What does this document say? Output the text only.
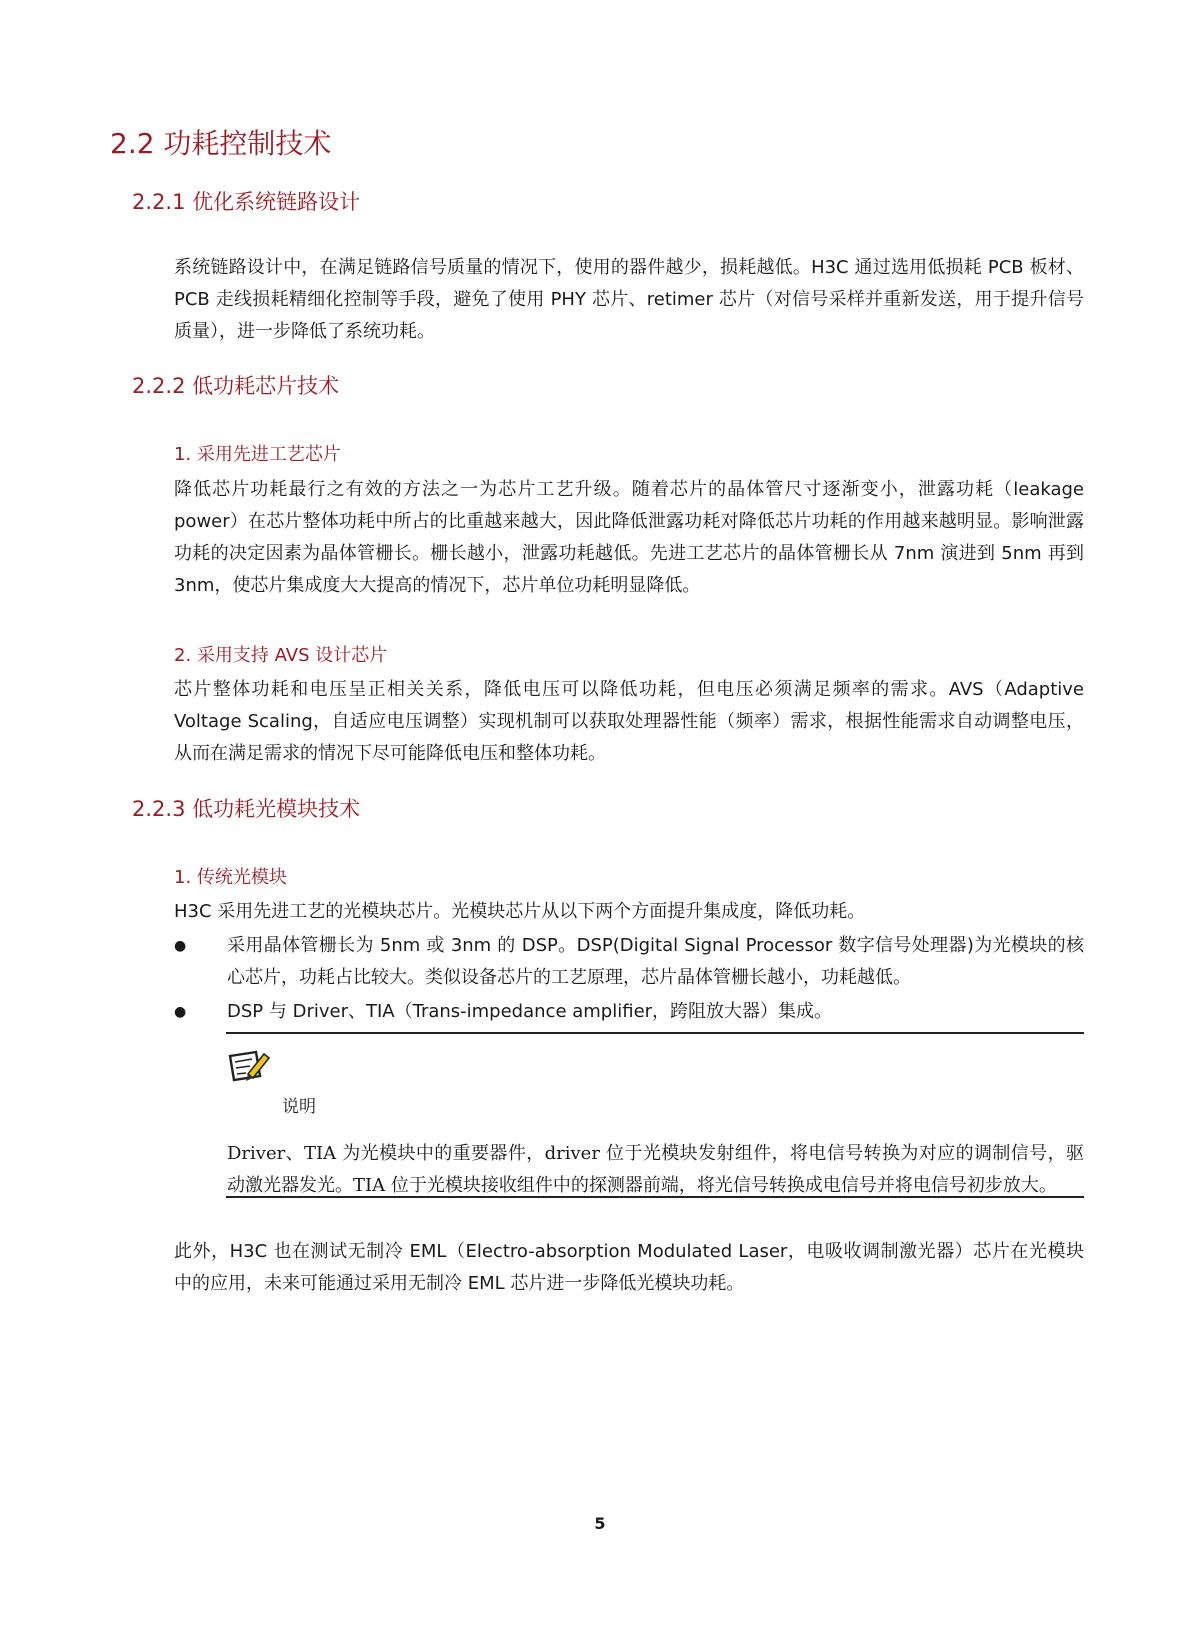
2.2 功耗控制技术
2.2.1 优化系统链路设计
系统链路设计中，在满足链路信号质量的情况下，使用的器件越少，损耗越低。H3C 通过选用低损耗 PCB 板材、PCB 走线损耗精细化控制等手段，避免了使用 PHY 芯片、retimer 芯片（对信号采样并重新发送，用于提升信号质量），进一步降低了系统功耗。
2.2.2 低功耗芯片技术
1. 采用先进工艺芯片
降低芯片功耗最行之有效的方法之一为芯片工艺升级。随着芯片的晶体管尺寸逐渐变小，泄露功耗（leakage power）在芯片整体功耗中所占的比重越来越大，因此降低泄露功耗对降低芯片功耗的作用越来越明显。影响泄露功耗的决定因素为晶体管栅长。栅长越小，泄露功耗越低。先进工艺芯片的晶体管栅长从 7nm 演进到 5nm 再到 3nm，使芯片集成度大大提高的情况下，芯片单位功耗明显降低。
2. 采用支持 AVS 设计芯片
芯片整体功耗和电压呈正相关关系，降低电压可以降低功耗，但电压必须满足频率的需求。AVS（Adaptive Voltage Scaling，自适应电压调整）实现机制可以获取处理器性能（频率）需求，根据性能需求自动调整电压，从而在满足需求的情况下尽可能降低电压和整体功耗。
2.2.3 低功耗光模块技术
1. 传统光模块
H3C 采用先进工艺的光模块芯片。光模块芯片从以下两个方面提升集成度，降低功耗。
● 采用晶体管栅长为 5nm 或 3nm 的 DSP。DSP(Digital Signal Processor 数字信号处理器)为光模块的核心芯片，功耗占比较大。类似设备芯片的工艺原理，芯片晶体管栅长越小，功耗越低。
● DSP 与 Driver、TIA（Trans-impedance amplifier，跨阻放大器）集成。
说明
Driver、TIA 为光模块中的重要器件，driver 位于光模块发射组件，将电信号转换为对应的调制信号，驱动激光器发光。TIA 位于光模块接收组件中的探测器前端，将光信号转换成电信号并将电信号初步放大。
此外，H3C 也在测试无制冷 EML（Electro-absorption Modulated Laser，电吸收调制激光器）芯片在光模块中的应用，未来可能通过采用无制冷 EML 芯片进一步降低光模块功耗。
5
